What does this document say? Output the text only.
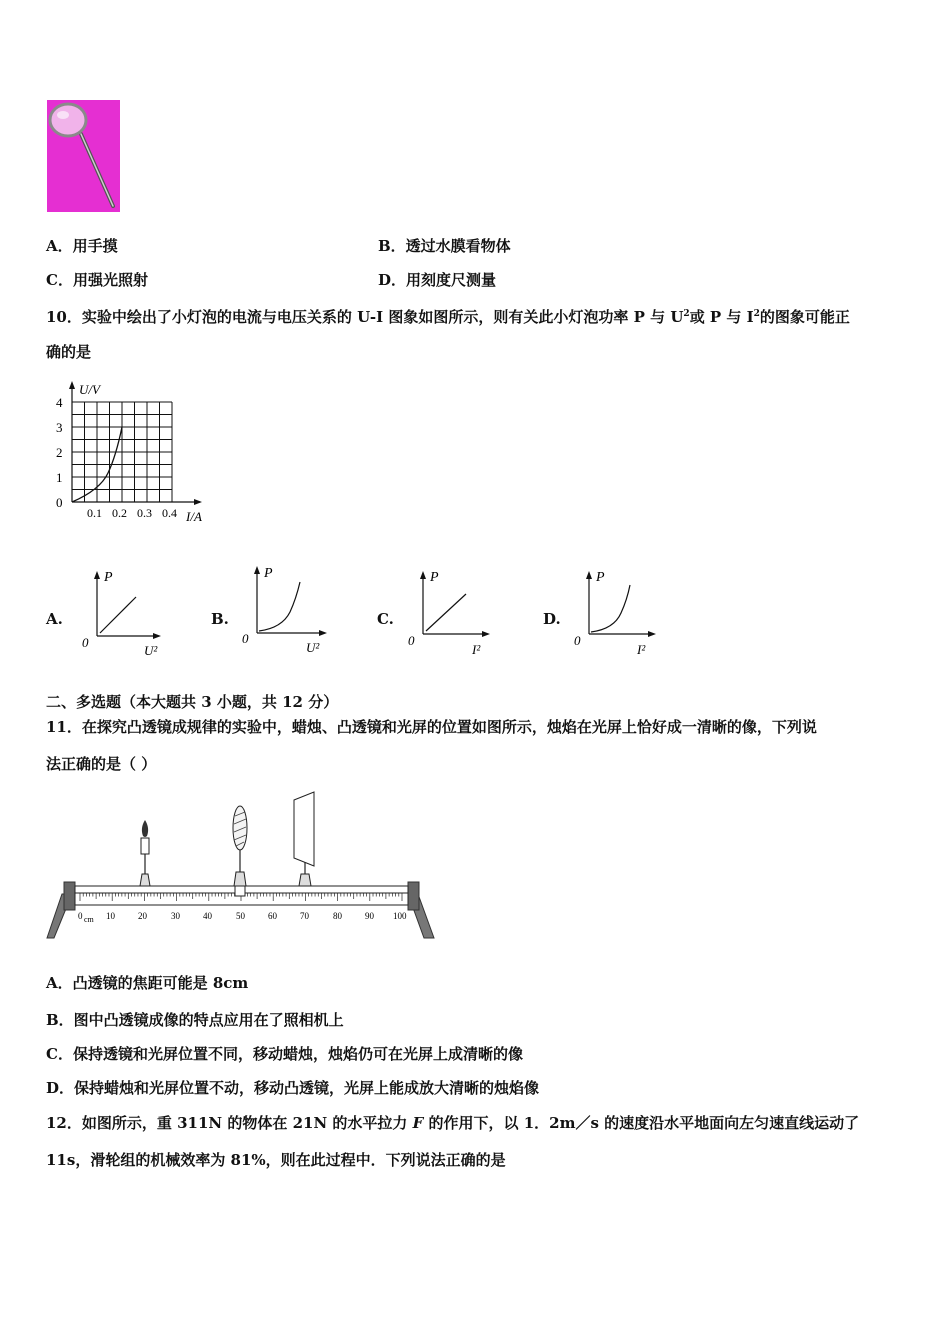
A．用手摸	B．透过水膜看物体
C．用强光照射	D．用刻度尺测量
10．实验中绘出了小灯泡的电流与电压关系的 U-I 图象如图所示，则有关此小灯泡功率 P 与 $U^2$或 P 与 $I^2$的图象可能正
确的是
U/V
4
3
2
1
0
0.1 0.2 0.3 0.4 I/A
A.
P
0
U²
B.
P
0
U²
C.
P
0
I²
D.
P
0
I²
二、多选题（本大题共 3 小题，共 12 分）
11．在探究凸透镜成规律的实验中，蜡烛、凸透镜和光屏的位置如图所示，烛焰在光屏上恰好成一清晰的像，下列说
法正确的是（ ）
0 cm 10	20	30	40	50	60	70	80	90 100
A．凸透镜的焦距可能是 8cm
B．图中凸透镜成像的特点应用在了照相机上
C．保持透镜和光屏位置不同，移动蜡烛，烛焰仍可在光屏上成清晰的像
D．保持蜡烛和光屏位置不动，移动凸透镜，光屏上能成放大清晰的烛焰像
12．如图所示，重 311N 的物体在 21N 的水平拉力 F 的作用下，以 1．2m／s 的速度沿水平地面向左匀速直线运动了
11s，滑轮组的机械效率为 81%，则在此过程中．下列说法正确的是
